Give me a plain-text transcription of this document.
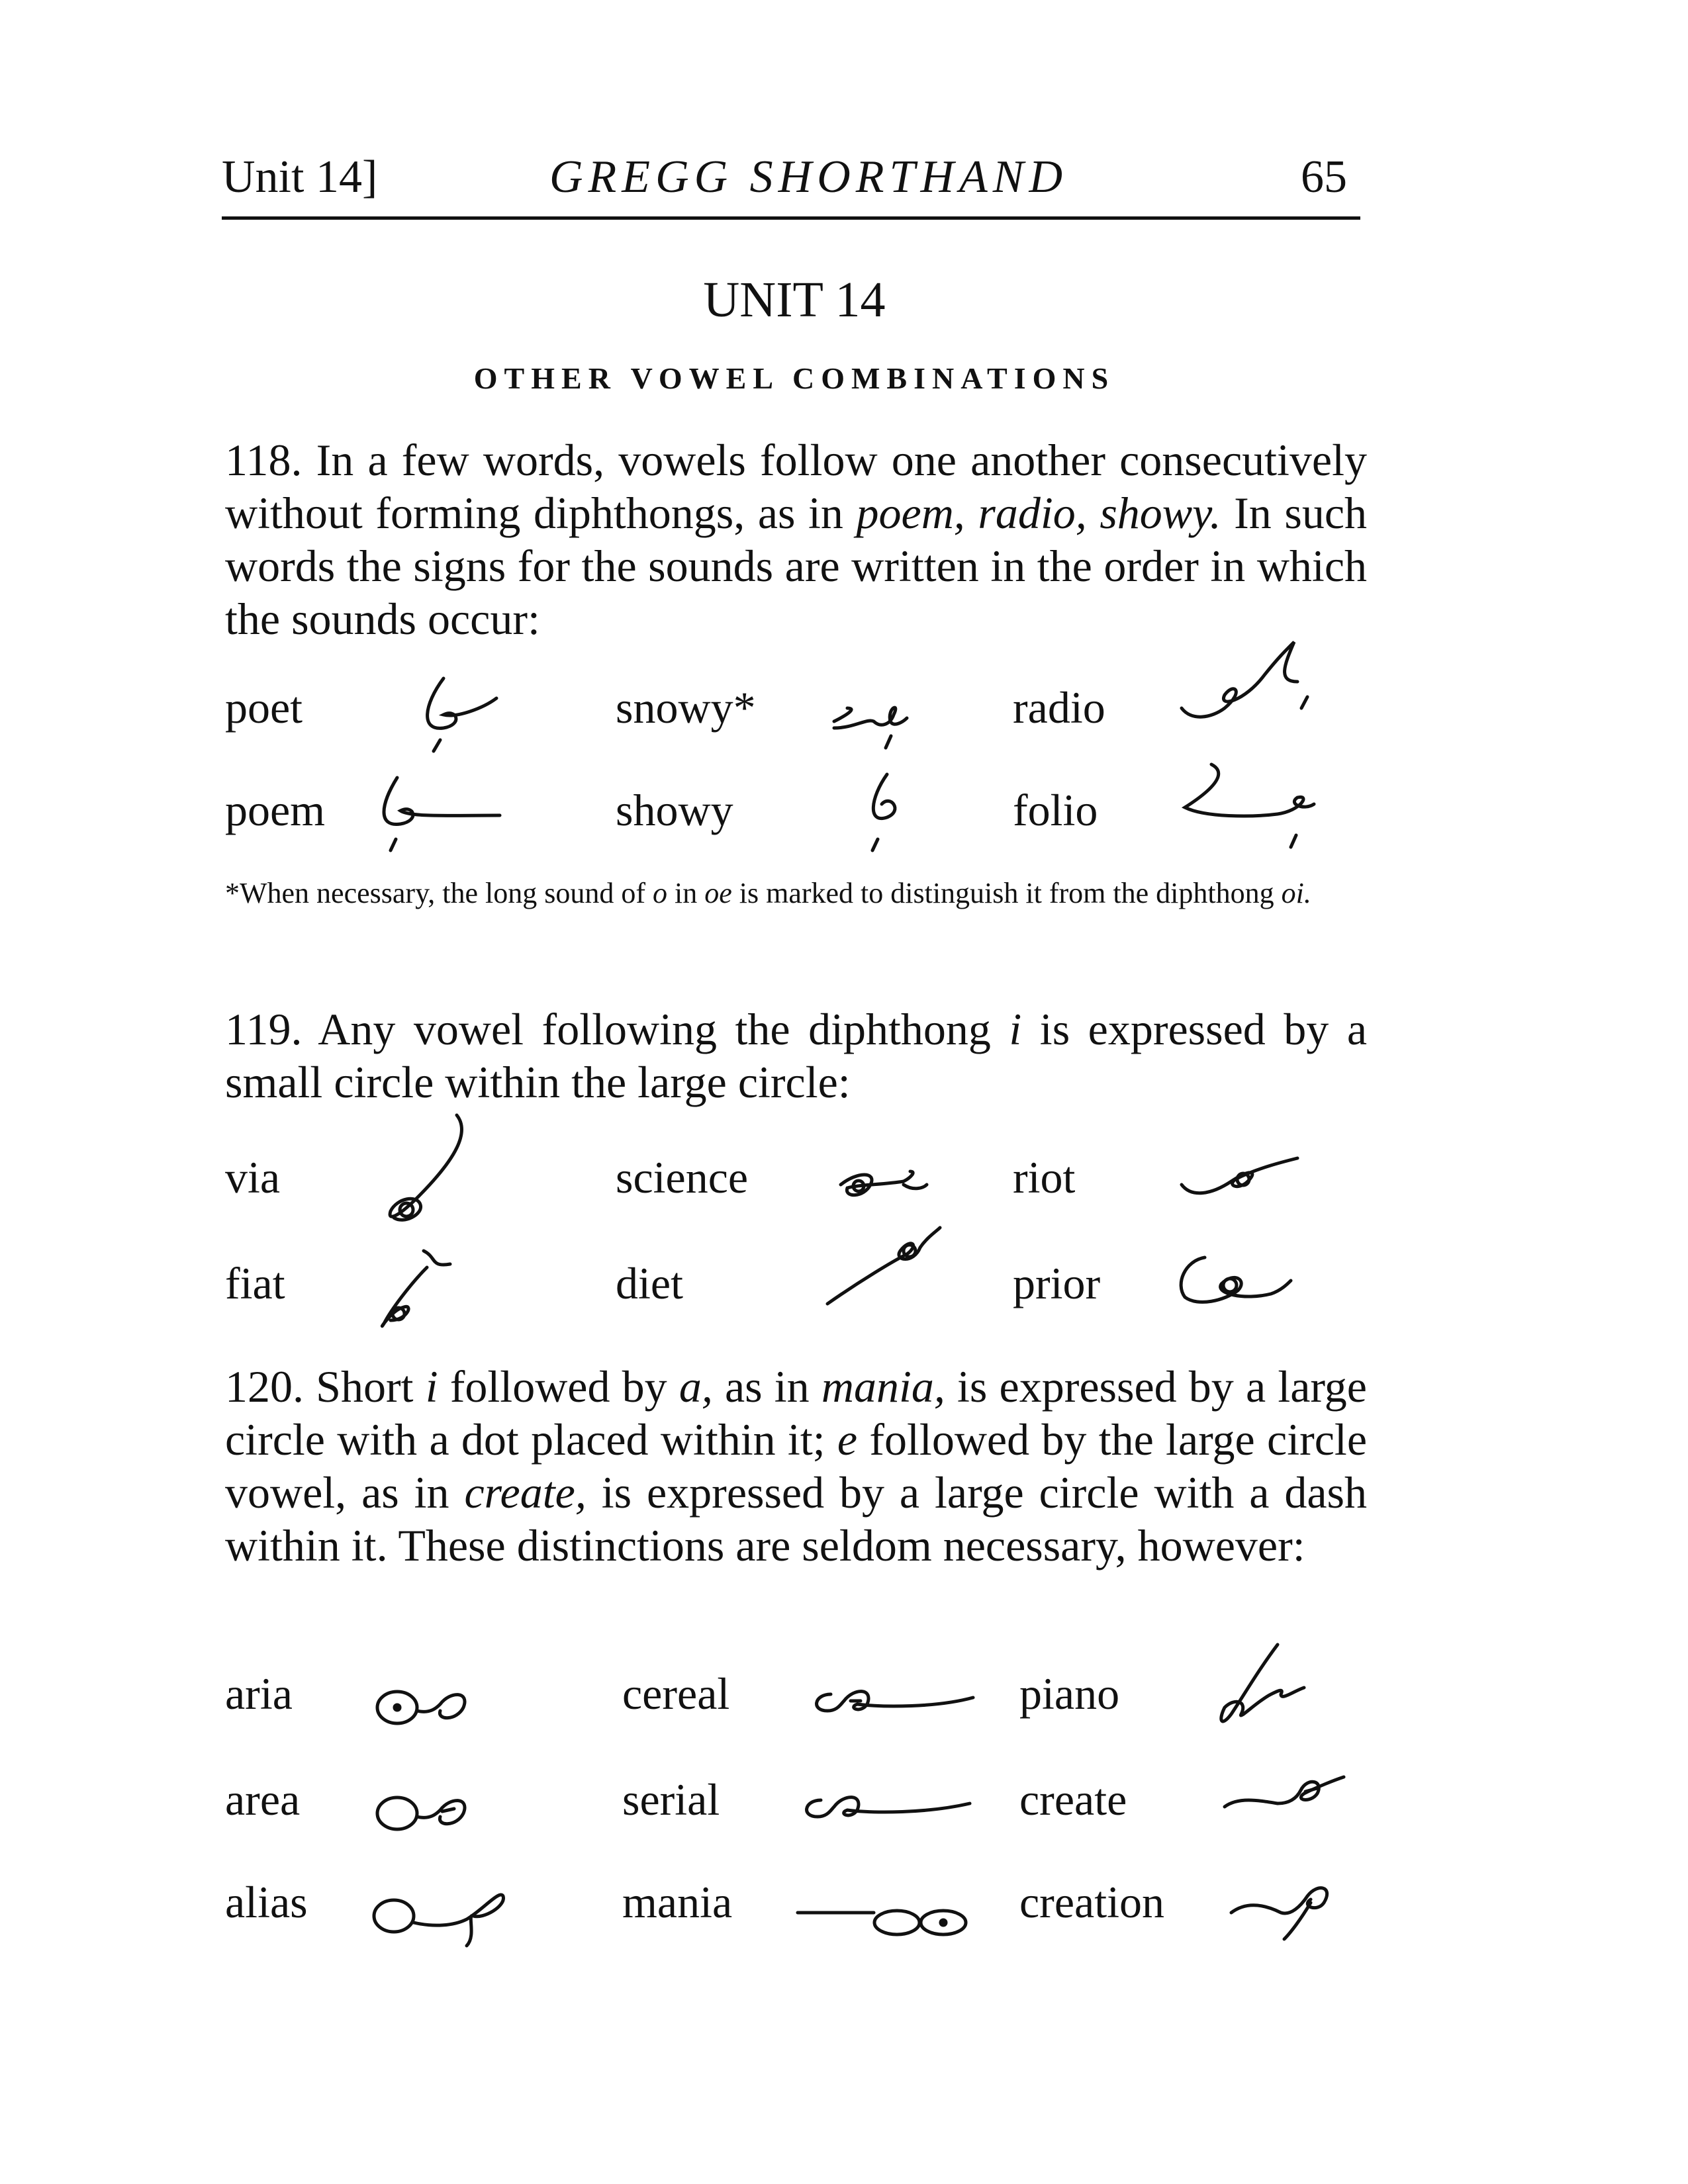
Unit 14]	GREGG SHORTHAND	65
UNIT 14
OTHER VOWEL COMBINATIONS
118. In a few words, vowels follow one another consecutively without forming diphthongs, as in poem, radio, showy. In such words the signs for the sounds are written in the order in which the sounds occur:
poet	snowy*	radio
poem	showy	folio
*When necessary, the long sound of o in oe is marked to distinguish it from the diphthong oi.
119. Any vowel following the diphthong i is expressed by a small circle within the large circle:
via	science	riot
fiat	diet	prior
120. Short i followed by a, as in mania, is expressed by a large circle with a dot placed within it; e followed by the large circle vowel, as in create, is expressed by a large circle with a dash within it. These distinctions are seldom necessary, however:
aria	cereal	piano
area	serial	create
alias	mania	creation
